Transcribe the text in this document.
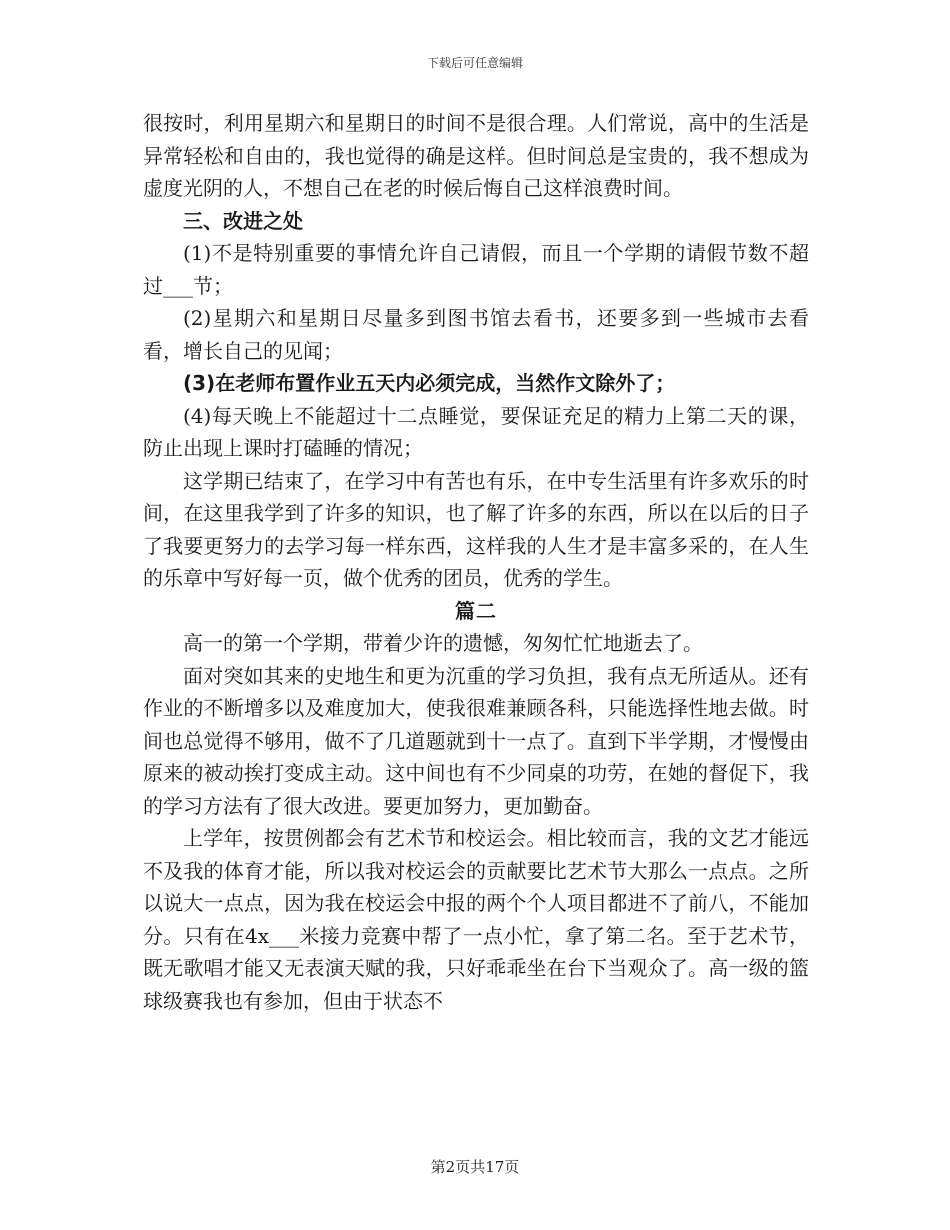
下载后可任意编辑

很按时，利用星期六和星期日的时间不是很合理。人们常说，高中的生活是异常轻松和自由的，我也觉得的确是这样。但时间总是宝贵的，我不想成为虚度光阴的人，不想自己在老的时候后悔自己这样浪费时间。

三、改进之处

(1)不是特别重要的事情允许自己请假，而且一个学期的请假节数不超过___节；

(2)星期六和星期日尽量多到图书馆去看书，还要多到一些城市去看看，增长自己的见闻；

(3)在老师布置作业五天内必须完成，当然作文除外了；

(4)每天晚上不能超过十二点睡觉，要保证充足的精力上第二天的课，防止出现上课时打磕睡的情况；

这学期已结束了，在学习中有苦也有乐，在中专生活里有许多欢乐的时间，在这里我学到了许多的知识，也了解了许多的东西，所以在以后的日子了我要更努力的去学习每一样东西，这样我的人生才是丰富多采的，在人生的乐章中写好每一页，做个优秀的团员，优秀的学生。

篇二

高一的第一个学期，带着少许的遗憾，匆匆忙忙地逝去了。

面对突如其来的史地生和更为沉重的学习负担，我有点无所适从。还有作业的不断增多以及难度加大，使我很难兼顾各科，只能选择性地去做。时间也总觉得不够用，做不了几道题就到十一点了。直到下半学期，才慢慢由原来的被动挨打变成主动。这中间也有不少同桌的功劳，在她的督促下，我的学习方法有了很大改进。要更加努力，更加勤奋。

上学年，按贯例都会有艺术节和校运会。相比较而言，我的文艺才能远不及我的体育才能，所以我对校运会的贡献要比艺术节大那么一点点。之所以说大一点点，因为我在校运会中报的两个个人项目都进不了前八，不能加分。只有在4x___米接力竞赛中帮了一点小忙，拿了第二名。至于艺术节，既无歌唱才能又无表演天赋的我，只好乖乖坐在台下当观众了。高一级的篮球级赛我也有参加，但由于状态不

第2页共17页
